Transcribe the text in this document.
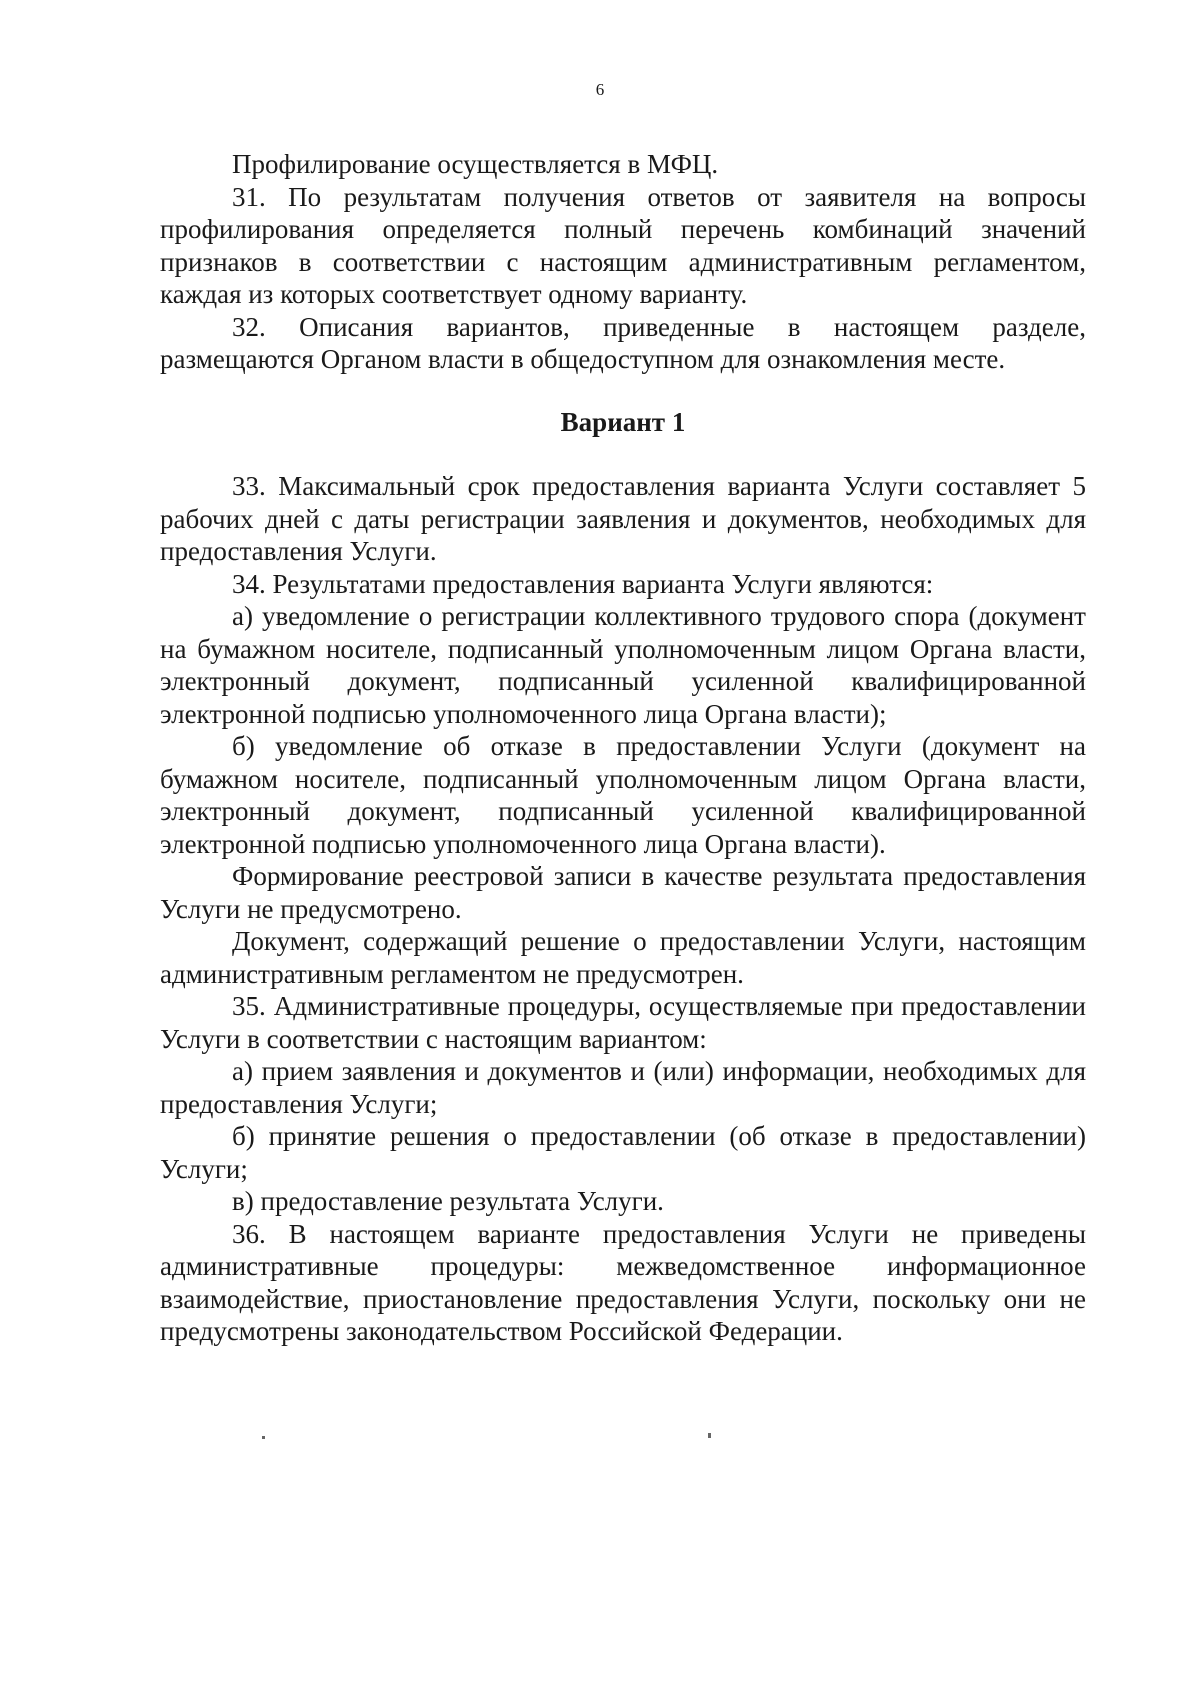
6

Профилирование осуществляется в МФЦ.

31. По результатам получения ответов от заявителя на вопросы профилирования определяется полный перечень комбинаций значений признаков в соответствии с настоящим административным регламентом, каждая из которых соответствует одному варианту.

32. Описания вариантов, приведенные в настоящем разделе, размещаются Органом власти в общедоступном для ознакомления месте.

Вариант 1

33. Максимальный срок предоставления варианта Услуги составляет 5 рабочих дней с даты регистрации заявления и документов, необходимых для предоставления Услуги.

34. Результатами предоставления варианта Услуги являются:

а) уведомление о регистрации коллективного трудового спора (документ на бумажном носителе, подписанный уполномоченным лицом Органа власти, электронный документ, подписанный усиленной квалифицированной электронной подписью уполномоченного лица Органа власти);

б) уведомление об отказе в предоставлении Услуги (документ на бумажном носителе, подписанный уполномоченным лицом Органа власти, электронный документ, подписанный усиленной квалифицированной электронной подписью уполномоченного лица Органа власти).

Формирование реестровой записи в качестве результата предоставления Услуги не предусмотрено.

Документ, содержащий решение о предоставлении Услуги, настоящим административным регламентом не предусмотрен.

35. Административные процедуры, осуществляемые при предоставлении Услуги в соответствии с настоящим вариантом:

а) прием заявления и документов и (или) информации, необходимых для предоставления Услуги;

б) принятие решения о предоставлении (об отказе в предоставлении) Услуги;

в) предоставление результата Услуги.

36. В настоящем варианте предоставления Услуги не приведены административные процедуры: межведомственное информационное взаимодействие, приостановление предоставления Услуги, поскольку они не предусмотрены законодательством Российской Федерации.
